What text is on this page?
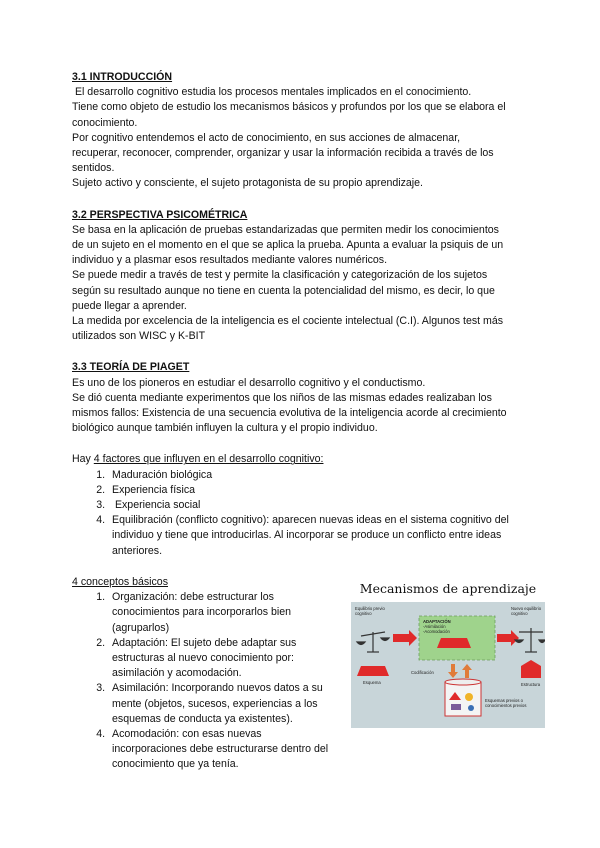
3.1 INTRODUCCIÓN

El desarrollo cognitivo estudia los procesos mentales implicados en el conocimiento.

Tiene como objeto de estudio los mecanismos básicos y profundos por los que se elabora el

conocimiento.

Por cognitivo entendemos el acto de conocimiento, en sus acciones de almacenar,

recuperar, reconocer, comprender, organizar y usar la información recibida a través de los

sentidos.

Sujeto activo y consciente, el sujeto protagonista de su propio aprendizaje.

3.2 PERSPECTIVA PSICOMÉTRICA

Se basa en la aplicación de pruebas estandarizadas que permiten medir los conocimientos

de un sujeto en el momento en el que se aplica la prueba. Apunta a evaluar la psiquis de un

individuo y a plasmar esos resultados mediante valores numéricos.

Se puede medir a través de test y permite la clasificación y categorización de los sujetos

según su resultado aunque no tiene en cuenta la potencialidad del mismo, es decir, lo que

puede llegar a aprender.

La medida por excelencia de la inteligencia es el cociente intelectual (C.I). Algunos test más

utilizados son WISC y K-BIT

3.3 TEORÍA DE PIAGET

Es uno de los pioneros en estudiar el desarrollo cognitivo y el conductismo.

Se dió cuenta mediante experimentos que los niños de las mismas edades realizaban los

mismos fallos: Existencia de una secuencia evolutiva de la inteligencia acorde al crecimiento

biológico aunque también influyen la cultura y el propio individuo.

Hay 4 factores que influyen en el desarrollo cognitivo:

1. Maduración biológica
2. Experiencia física
3.  Experiencia social
4. Equilibración (conflicto cognitivo): aparecen nuevas ideas en el sistema cognitivo del individuo y tiene que introducirlas. Al incorporar se produce un conflicto entre ideas anteriores.

4 conceptos básicos

1. Organización: debe estructurar los conocimientos para incorporarlos bien (agruparlos)
2. Adaptación: El sujeto debe adaptar sus estructuras al nuevo conocimiento por: asimilación y acomodación.
3. Asimilación: Incorporando nuevos datos a su mente (objetos, sucesos, experiencias a los esquemas de conducta ya existentes).
4. Acomodación: con esas nuevas incorporaciones debe estructurarse dentro del conocimiento que ya tenía.
Mecanismos de aprendizaje
Equilibrio previo cognitivo
ADAPTACIÓN
-Asimilación
-Acomodación
Nuevo equilibrio cognitivo
Esquema
Codificación
Estructura
Esquemas previos o conocimientos previos
